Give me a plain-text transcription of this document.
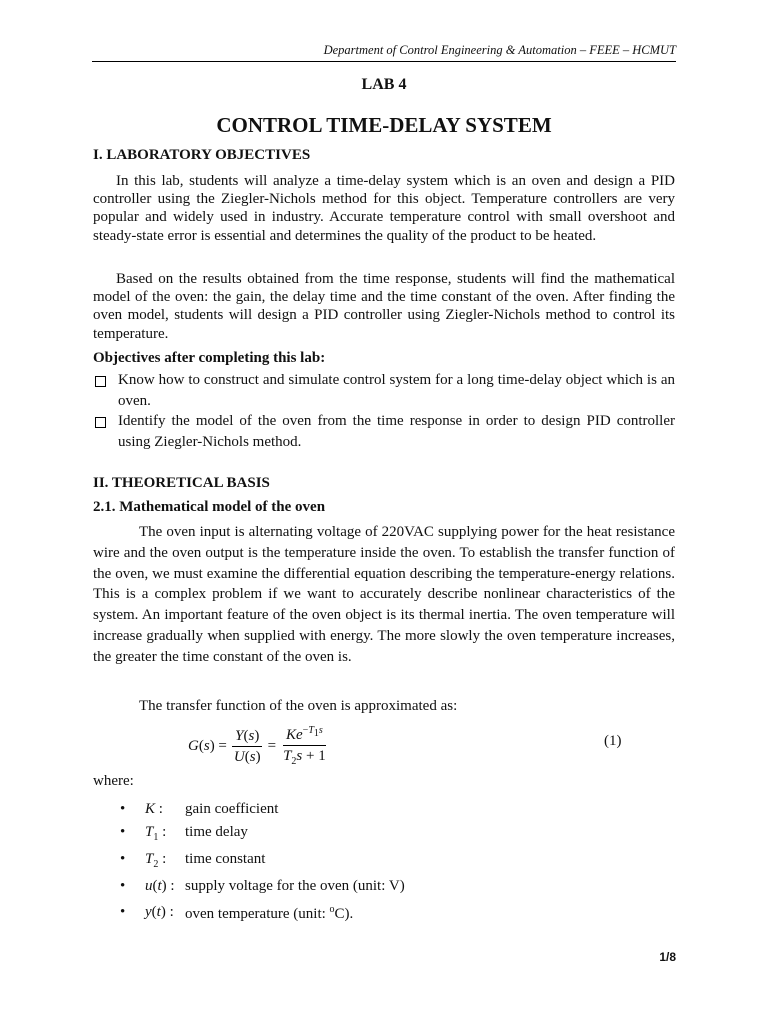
Department of Control Engineering & Automation – FEEE – HCMUT
LAB 4
CONTROL TIME-DELAY SYSTEM
I. LABORATORY OBJECTIVES

In this lab, students will analyze a time-delay system which is an oven and design a PID controller using the Ziegler-Nichols method for this object. Temperature controllers are very popular and widely used in industry. Accurate temperature control with small overshoot and steady-state error is essential and determines the quality of the product to be heated.

Based on the results obtained from the time response, students will find the mathematical model of the oven: the gain, the delay time and the time constant of the oven. After finding the oven model, students will design a PID controller using Ziegler-Nichols method to control its temperature.

Objectives after completing this lab:
Know how to construct and simulate control system for a long time-delay object which is an oven.
Identify the model of the oven from the time response in order to design PID controller using Ziegler-Nichols method.
II. THEORETICAL BASIS
2.1. Mathematical model of the oven

The oven input is alternating voltage of 220VAC supplying power for the heat resistance wire and the oven output is the temperature inside the oven. To establish the transfer function of the oven, we must examine the differential equation describing the temperature-energy relations. This is a complex problem if we want to accurately describe nonlinear characteristics of the system. An important feature of the oven object is its thermal inertia. The oven temperature will increase gradually when supplied with energy. The more slowly the oven temperature increases, the greater the time constant of the oven is.

The transfer function of the oven is approximated as:
$G(s) = \frac{Y(s)}{U(s)} = \frac{Ke^{-T_1s}}{T_2s + 1}$	(1)
where:
• K : gain coefficient
• $T_1$ : time delay
• $T_2$ : time constant
• u(t) : supply voltage for the oven (unit: V)
• y(t) : oven temperature (unit: $^o$C).
1/8
